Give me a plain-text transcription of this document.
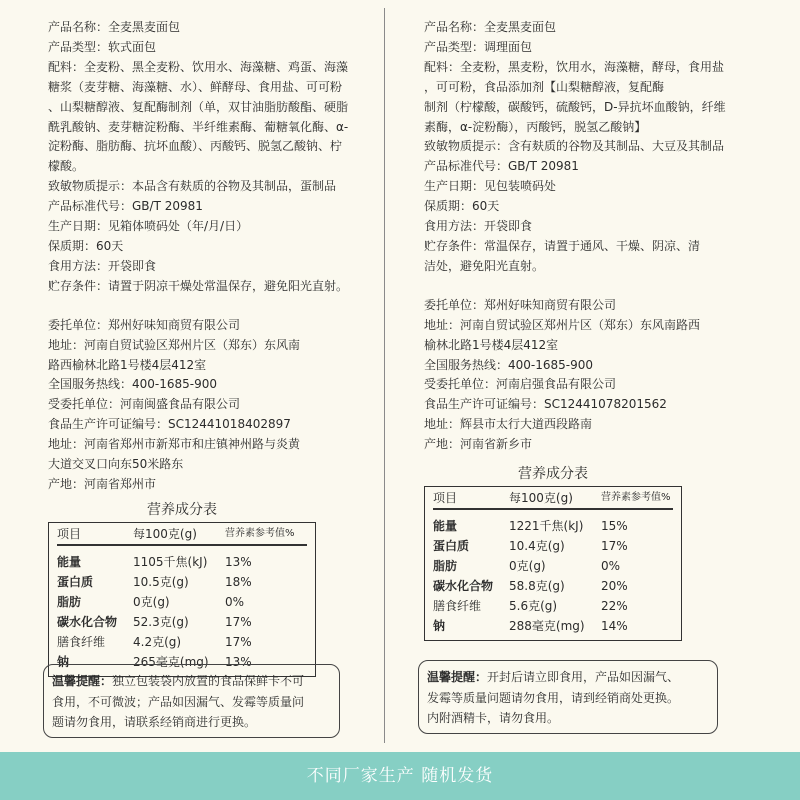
产品名称：全麦黑麦面包
产品类型：软式面包
配料：全麦粉、黑全麦粉、饮用水、海藻糖、鸡蛋、海藻
糖浆（麦芽糖、海藻糖、水）、鲜酵母、食用盐、可可粉
、山梨糖醇液、复配酶制剂（单，双甘油脂肪酸酯、硬脂
酰乳酸钠、麦芽糖淀粉酶、半纤维素酶、葡糖氧化酶、α-
淀粉酶、脂肪酶、抗坏血酸）、丙酸钙、脱氢乙酸钠、柠
檬酸。
致敏物质提示：本品含有麸质的谷物及其制品，蛋制品
产品标准代号：GB/T 20981
生产日期：见箱体喷码处（年/月/日）
保质期：60天
食用方法：开袋即食
贮存条件：请置于阴凉干燥处常温保存，避免阳光直射。
委托单位：郑州好味知商贸有限公司
地址：河南自贸试验区郑州片区（郑东）东风南
路西榆林北路1号楼4层412室
全国服务热线：400-1685-900
受委托单位：河南闽盛食品有限公司
食品生产许可证编号：SC12441018402897
地址：河南省郑州市新郑市和庄镇神州路与炎黄
大道交叉口向东50米路东
产地：河南省郑州市
营养成分表
项目	每100克(g)	营养素参考值%
能量	1105千焦(kJ)	13%
蛋白质	10.5克(g)	18%
脂肪	0克(g)	0%
碳水化合物	52.3克(g)	17%
膳食纤维	4.2克(g)	17%
钠	265毫克(mg)	13%
温馨提醒：独立包装袋内放置的食品保鲜卡不可
食用，不可微波；产品如因漏气、发霉等质量问
题请勿食用，请联系经销商进行更换。
产品名称：全麦黑麦面包
产品类型：调理面包
配料：全麦粉，黑麦粉，饮用水，海藻糖，酵母，食用盐
，可可粉，食品添加剂【山梨糖醇液，复配酶
制剂（柠檬酸，碳酸钙，硫酸钙，D-异抗坏血酸钠，纤维
素酶，α-淀粉酶），丙酸钙，脱氢乙酸钠】
致敏物质提示：含有麸质的谷物及其制品、大豆及其制品
产品标准代号：GB/T 20981
生产日期：见包装喷码处
保质期：60天
食用方法：开袋即食
贮存条件：常温保存，请置于通风、干燥、阴凉、清
洁处，避免阳光直射。
委托单位：郑州好味知商贸有限公司
地址：河南自贸试验区郑州片区（郑东）东风南路西
榆林北路1号楼4层412室
全国服务热线：400-1685-900
受委托单位：河南启强食品有限公司
食品生产许可证编号：SC12441078201562
地址：辉县市太行大道西段路南
产地：河南省新乡市
营养成分表
项目	每100克(g)	营养素参考值%
能量	1221千焦(kJ)	15%
蛋白质	10.4克(g)	17%
脂肪	0克(g)	0%
碳水化合物	58.8克(g)	20%
膳食纤维	5.6克(g)	22%
钠	288毫克(mg)	14%
温馨提醒：开封后请立即食用，产品如因漏气、
发霉等质量问题请勿食用，请到经销商处更换。
内附酒精卡，请勿食用。
不同厂家生产 随机发货
